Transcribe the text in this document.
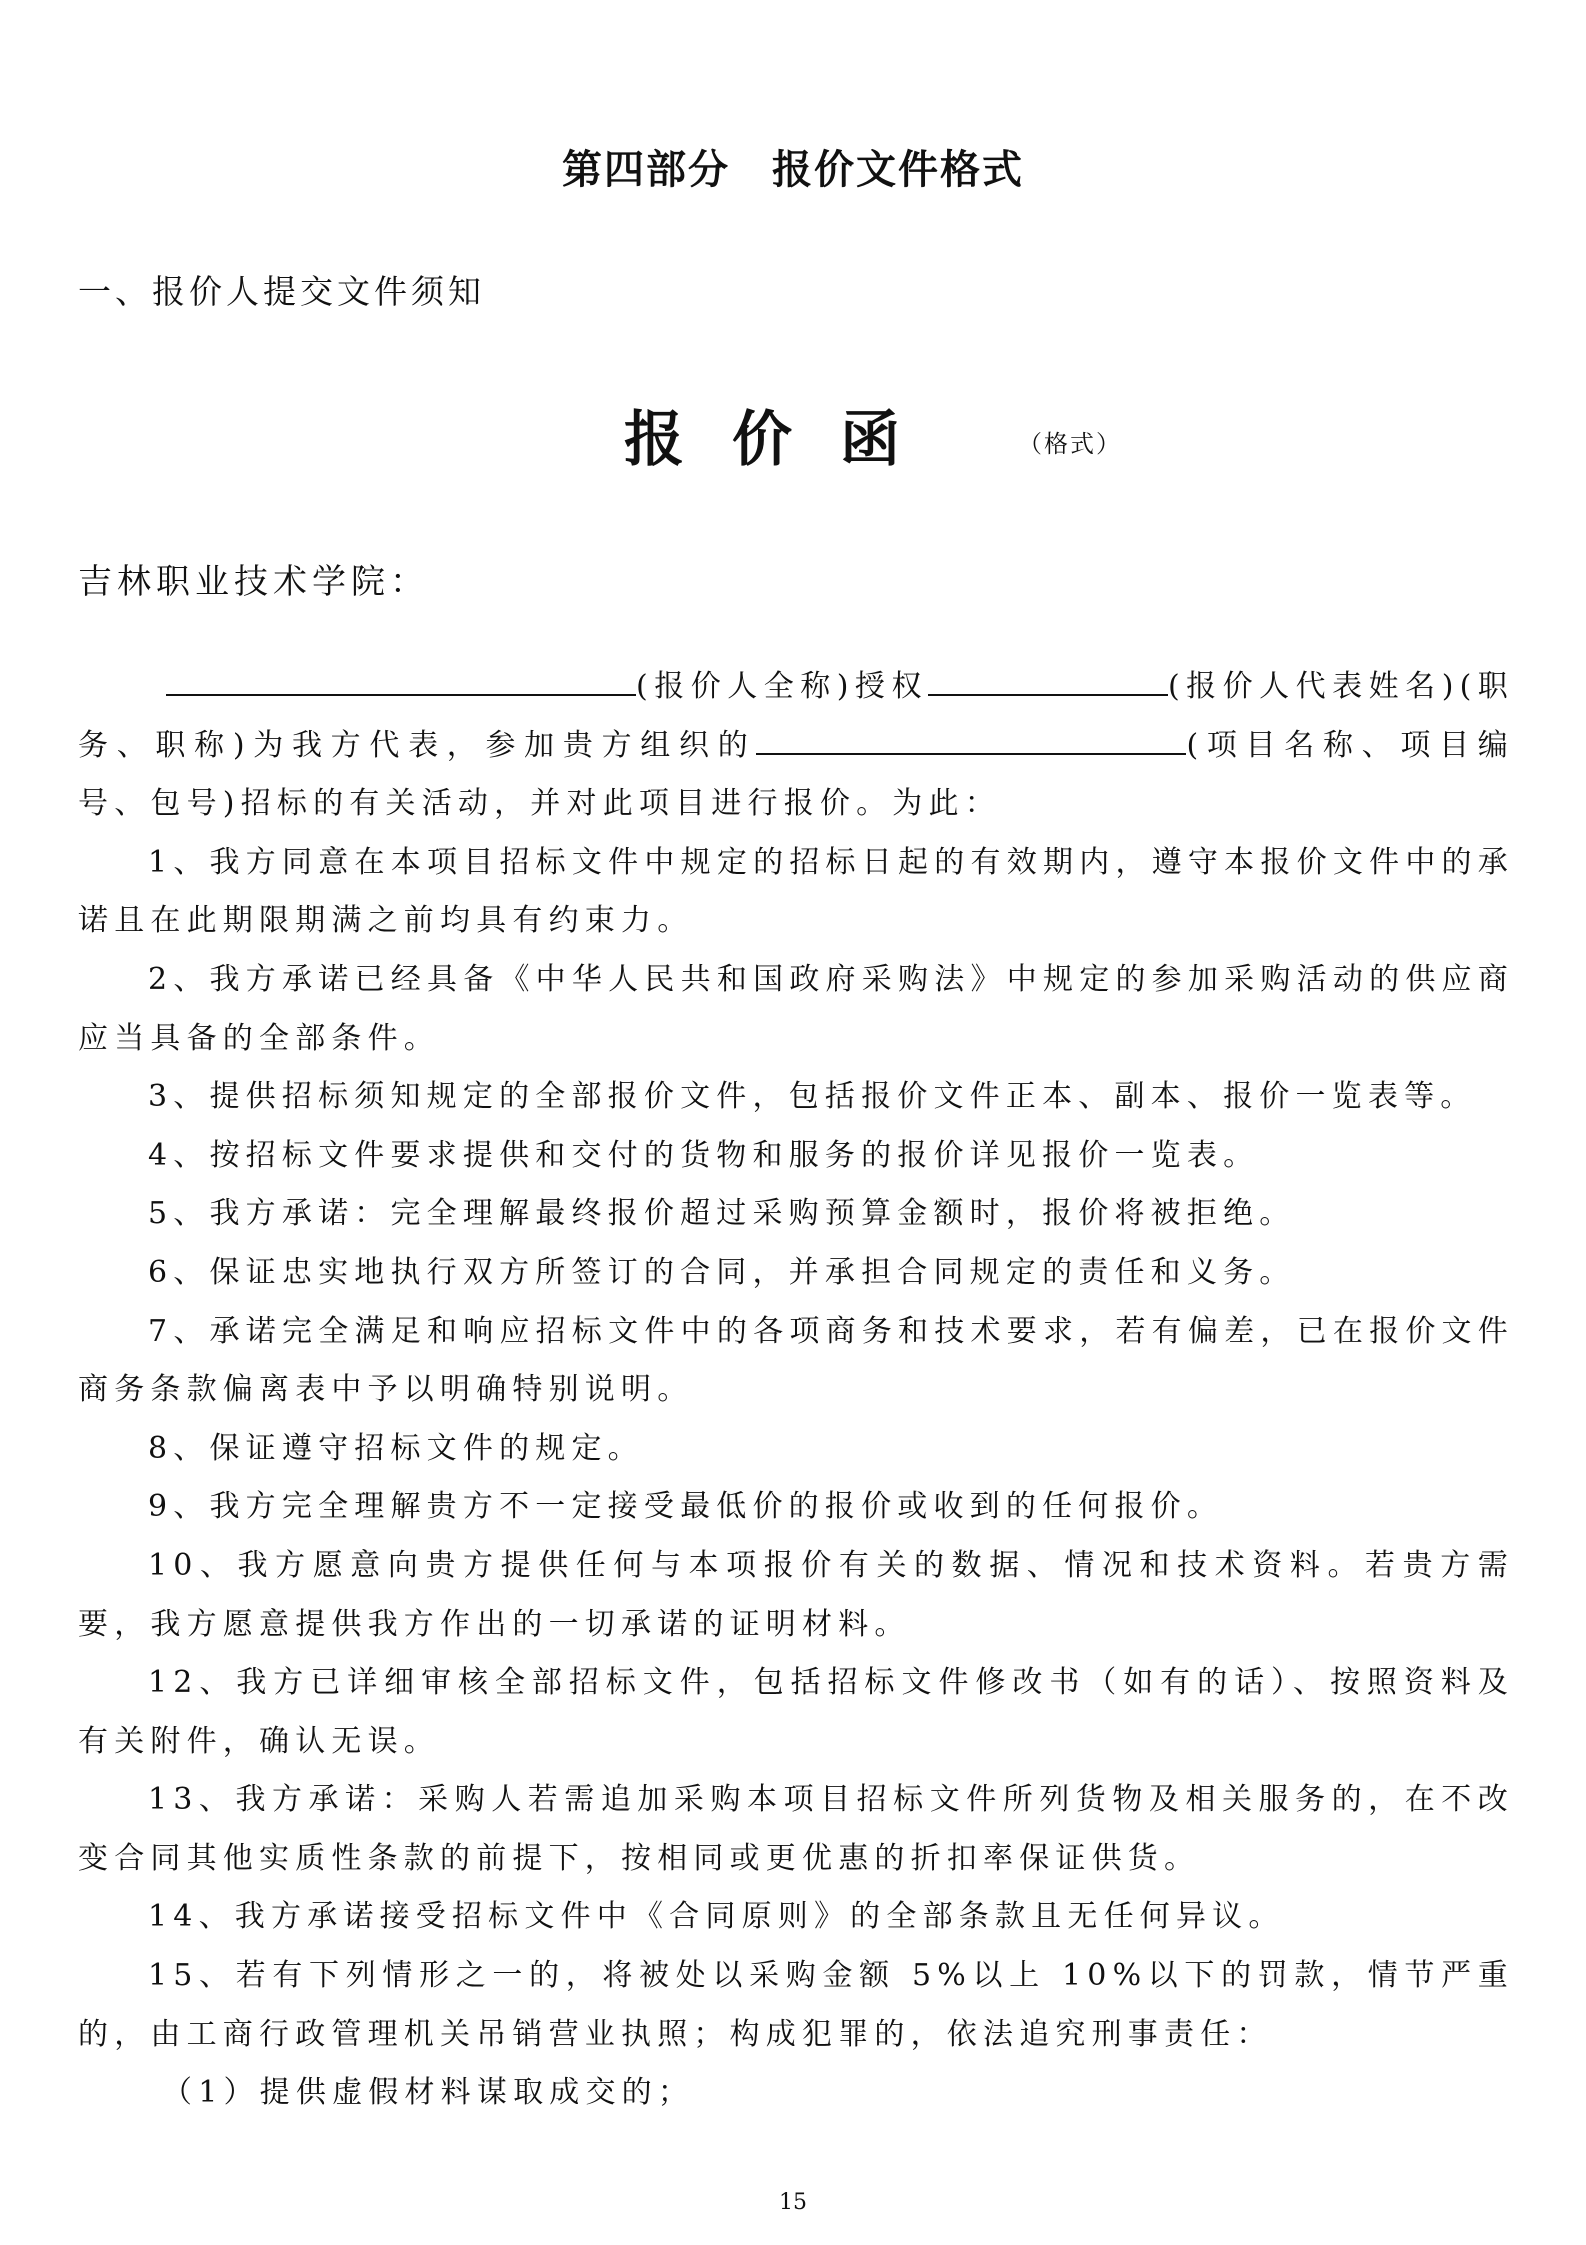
第四部分　报价文件格式
一、报价人提交文件须知
报价函	（格式）
吉林职业技术学院：

(报价人全称)授权	(报价人代表姓名)(职务、职称)为我方代表，参加贵方组织的	(项目名称、项目编号、包号)招标的有关活动，并对此项目进行报价。为此：

1、我方同意在本项目招标文件中规定的招标日起的有效期内，遵守本报价文件中的承诺且在此期限期满之前均具有约束力。

2、我方承诺已经具备《中华人民共和国政府采购法》中规定的参加采购活动的供应商应当具备的全部条件。

3、提供招标须知规定的全部报价文件，包括报价文件正本、副本、报价一览表等。

4、按招标文件要求提供和交付的货物和服务的报价详见报价一览表。

5、我方承诺：完全理解最终报价超过采购预算金额时，报价将被拒绝。

6、保证忠实地执行双方所签订的合同，并承担合同规定的责任和义务。

7、承诺完全满足和响应招标文件中的各项商务和技术要求，若有偏差，已在报价文件商务条款偏离表中予以明确特别说明。

8、保证遵守招标文件的规定。

9、我方完全理解贵方不一定接受最低价的报价或收到的任何报价。

10、我方愿意向贵方提供任何与本项报价有关的数据、情况和技术资料。若贵方需要，我方愿意提供我方作出的一切承诺的证明材料。

12、我方已详细审核全部招标文件，包括招标文件修改书（如有的话）、按照资料及有关附件，确认无误。

13、我方承诺：采购人若需追加采购本项目招标文件所列货物及相关服务的，在不改变合同其他实质性条款的前提下，按相同或更优惠的折扣率保证供货。

14、我方承诺接受招标文件中《合同原则》的全部条款且无任何异议。

15、若有下列情形之一的，将被处以采购金额 5%以上 10%以下的罚款，情节严重的，由工商行政管理机关吊销营业执照；构成犯罪的，依法追究刑事责任：

（1）提供虚假材料谋取成交的；

15
